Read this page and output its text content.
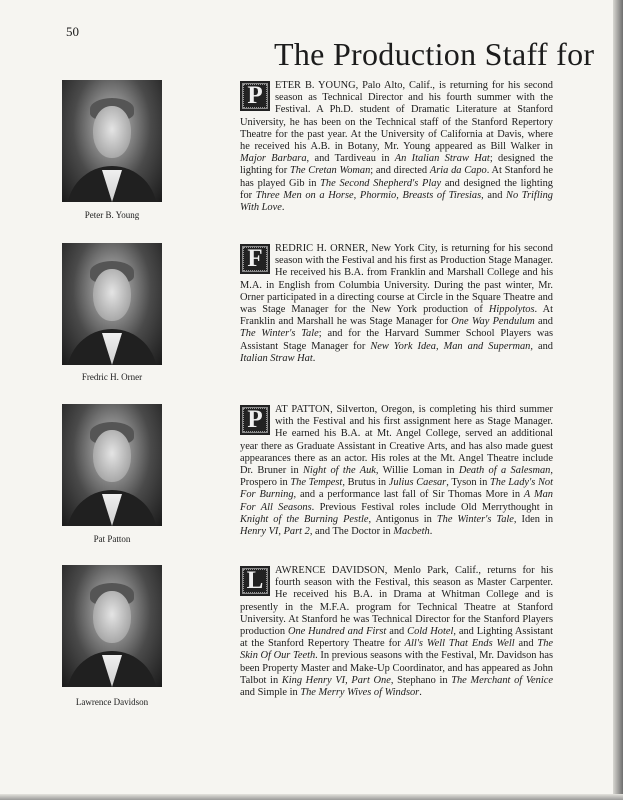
50
The Production Staff for
Peter B. Young
P	ETER B. YOUNG, Palo Alto, Calif., is returning for his second season as Technical Director and his fourth summer with the Festival. A Ph.D. student of Dramatic Literature at Stanford University, he has been on the Technical staff of the Stanford Repertory Theatre for the past year. At the University of California at Davis, where he received his A.B. in Botany, Mr. Young appeared as Bill Walker in Major Barbara, and Tardiveau in An Italian Straw Hat; designed the lighting for The Cretan Woman; and directed Aria da Capo. At Stanford he has played Gib in The Second Shepherd's Play and designed the lighting for Three Men on a Horse, Phormio, Breasts of Tiresias, and No Trifling With Love.
Fredric H. Orner
F	REDRIC H. ORNER, New York City, is returning for his second season with the Festival and his first as Production Stage Manager. He received his B.A. from Franklin and Marshall College and his M.A. in English from Columbia University. During the past winter, Mr. Orner participated in a directing course at Circle in the Square Theatre and was Stage Manager for the New York production of Hippolytos. At Franklin and Marshall he was Stage Manager for One Way Pendulum and The Winter's Tale; and for the Harvard Summer School Players was Assistant Stage Manager for New York Idea, Man and Superman, and Italian Straw Hat.
Pat Patton
P	AT PATTON, Silverton, Oregon, is completing his third summer with the Festival and his first assignment here as Stage Manager. He earned his B.A. at Mt. Angel College, served an additional year there as Graduate Assistant in Creative Arts, and has also made guest appearances there as an actor. His roles at the Mt. Angel Theatre include Dr. Bruner in Night of the Auk, Willie Loman in Death of a Salesman, Prospero in The Tempest, Brutus in Julius Caesar, Tyson in The Lady's Not For Burning, and a performance last fall of Sir Thomas More in A Man For All Seasons. Previous Festival roles include Old Merrythought in Knight of the Burning Pestle, Antigonus in The Winter's Tale, Iden in Henry VI, Part 2, and The Doctor in Macbeth.
Lawrence Davidson
L	AWRENCE DAVIDSON, Menlo Park, Calif., returns for his fourth season with the Festival, this season as Master Carpenter. He received his B.A. in Drama at Whitman College and is presently in the M.F.A. program for Technical Theatre at Stanford University. At Stanford he was Technical Director for the Stanford Players production One Hundred and First and Cold Hotel, and Lighting Assistant at the Stanford Repertory Theatre for All's Well That Ends Well and The Skin Of Our Teeth. In previous seasons with the Festival, Mr. Davidson has been Property Master and Make-Up Coordinator, and has appeared as John Talbot in King Henry VI, Part One, Stephano in The Merchant of Venice and Simple in The Merry Wives of Windsor.
